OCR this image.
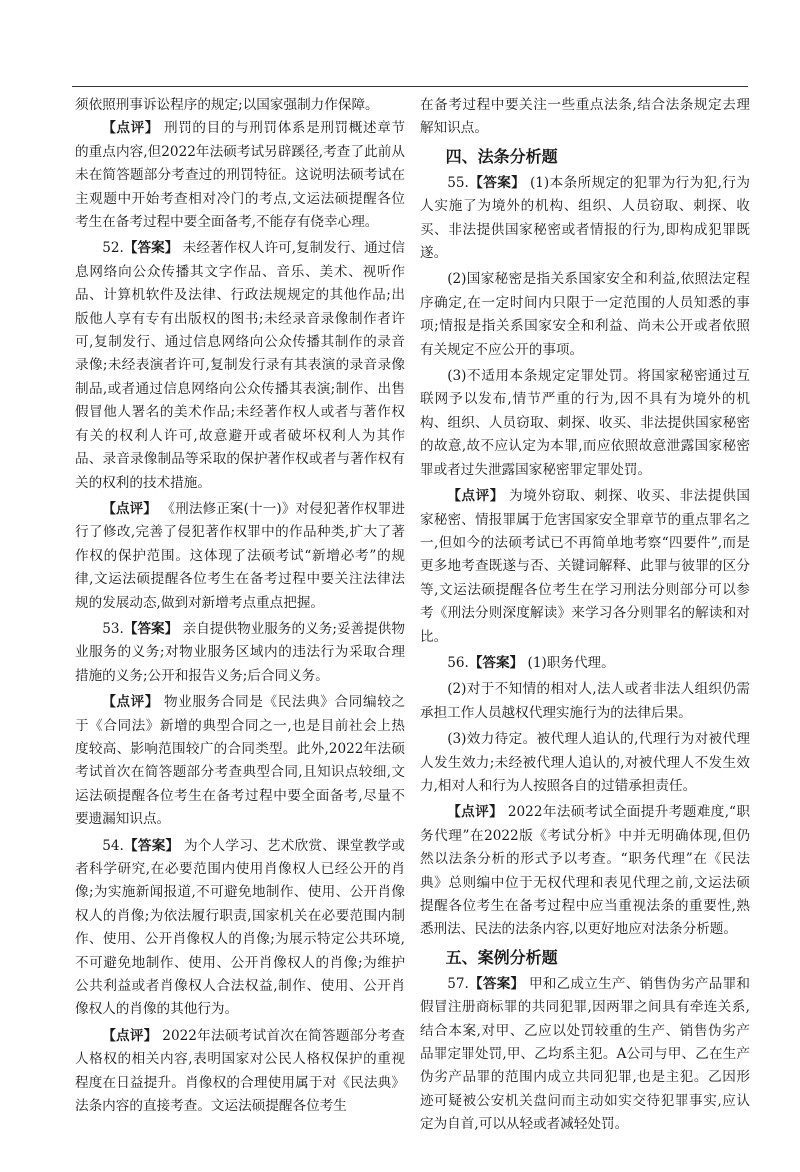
须依照刑事诉讼程序的规定;以国家强制力作保障。

【点评】 刑罚的目的与刑罚体系是刑罚概述章节的重点内容,但2022年法硕考试另辟蹊径,考查了此前从未在简答题部分考查过的刑罚特征。这说明法硕考试在主观题中开始考查相对冷门的考点,文运法硕提醒各位考生在备考过程中要全面备考,不能存有侥幸心理。

52.【答案】 未经著作权人许可,复制发行、通过信息网络向公众传播其文字作品、音乐、美术、视听作品、计算机软件及法律、行政法规规定的其他作品;出版他人享有专有出版权的图书;未经录音录像制作者许可,复制发行、通过信息网络向公众传播其制作的录音录像;未经表演者许可,复制发行录有其表演的录音录像制品,或者通过信息网络向公众传播其表演;制作、出售假冒他人署名的美术作品;未经著作权人或者与著作权有关的权利人许可,故意避开或者破坏权利人为其作品、录音录像制品等采取的保护著作权或者与著作权有关的权利的技术措施。

【点评】 《刑法修正案(十一)》对侵犯著作权罪进行了修改,完善了侵犯著作权罪中的作品种类,扩大了著作权的保护范围。这体现了法硕考试“新增必考”的规律,文运法硕提醒各位考生在备考过程中要关注法律法规的发展动态,做到对新增考点重点把握。

53.【答案】 亲自提供物业服务的义务;妥善提供物业服务的义务;对物业服务区域内的违法行为采取合理措施的义务;公开和报告义务;后合同义务。

【点评】 物业服务合同是《民法典》合同编较之于《合同法》新增的典型合同之一,也是目前社会上热度较高、影响范围较广的合同类型。此外,2022年法硕考试首次在简答题部分考查典型合同,且知识点较细,文运法硕提醒各位考生在备考过程中要全面备考,尽量不要遗漏知识点。

54.【答案】 为个人学习、艺术欣赏、课堂教学或者科学研究,在必要范围内使用肖像权人已经公开的肖像;为实施新闻报道,不可避免地制作、使用、公开肖像权人的肖像;为依法履行职责,国家机关在必要范围内制作、使用、公开肖像权人的肖像;为展示特定公共环境,不可避免地制作、使用、公开肖像权人的肖像;为维护公共利益或者肖像权人合法权益,制作、使用、公开肖像权人的肖像的其他行为。

【点评】 2022年法硕考试首次在简答题部分考查人格权的相关内容,表明国家对公民人格权保护的重视程度在日益提升。肖像权的合理使用属于对《民法典》法条内容的直接考查。文运法硕提醒各位考生

在备考过程中要关注一些重点法条,结合法条规定去理解知识点。

四、法条分析题

55.【答案】 (1)本条所规定的犯罪为行为犯,行为人实施了为境外的机构、组织、人员窃取、刺探、收买、非法提供国家秘密或者情报的行为,即构成犯罪既遂。

(2)国家秘密是指关系国家安全和利益,依照法定程序确定,在一定时间内只限于一定范围的人员知悉的事项;情报是指关系国家安全和利益、尚未公开或者依照有关规定不应公开的事项。

(3)不适用本条规定定罪处罚。将国家秘密通过互联网予以发布,情节严重的行为,因不具有为境外的机构、组织、人员窃取、刺探、收买、非法提供国家秘密的故意,故不应认定为本罪,而应依照故意泄露国家秘密罪或者过失泄露国家秘密罪定罪处罚。

【点评】 为境外窃取、刺探、收买、非法提供国家秘密、情报罪属于危害国家安全罪章节的重点罪名之一,但如今的法硕考试已不再简单地考察“四要件”,而是更多地考查既遂与否、关键词解释、此罪与彼罪的区分等,文运法硕提醒各位考生在学习刑法分则部分可以参考《刑法分则深度解读》来学习各分则罪名的解读和对比。

56.【答案】 (1)职务代理。

(2)对于不知情的相对人,法人或者非法人组织仍需承担工作人员越权代理实施行为的法律后果。

(3)效力待定。被代理人追认的,代理行为对被代理人发生效力;未经被代理人追认的,对被代理人不发生效力,相对人和行为人按照各自的过错承担责任。

【点评】 2022年法硕考试全面提升考题难度,“职务代理”在2022版《考试分析》中并无明确体现,但仍然以法条分析的形式予以考查。“职务代理”在《民法典》总则编中位于无权代理和表见代理之前,文运法硕提醒各位考生在备考过程中应当重视法条的重要性,熟悉刑法、民法的法条内容,以更好地应对法条分析题。

五、案例分析题

57.【答案】 甲和乙成立生产、销售伪劣产品罪和假冒注册商标罪的共同犯罪,因两罪之间具有牵连关系,结合本案,对甲、乙应以处罚较重的生产、销售伪劣产品罪定罪处罚,甲、乙均系主犯。A公司与甲、乙在生产伪劣产品罪的范围内成立共同犯罪,也是主犯。乙因形迹可疑被公安机关盘问而主动如实交待犯罪事实,应认定为自首,可以从轻或者减轻处罚。
